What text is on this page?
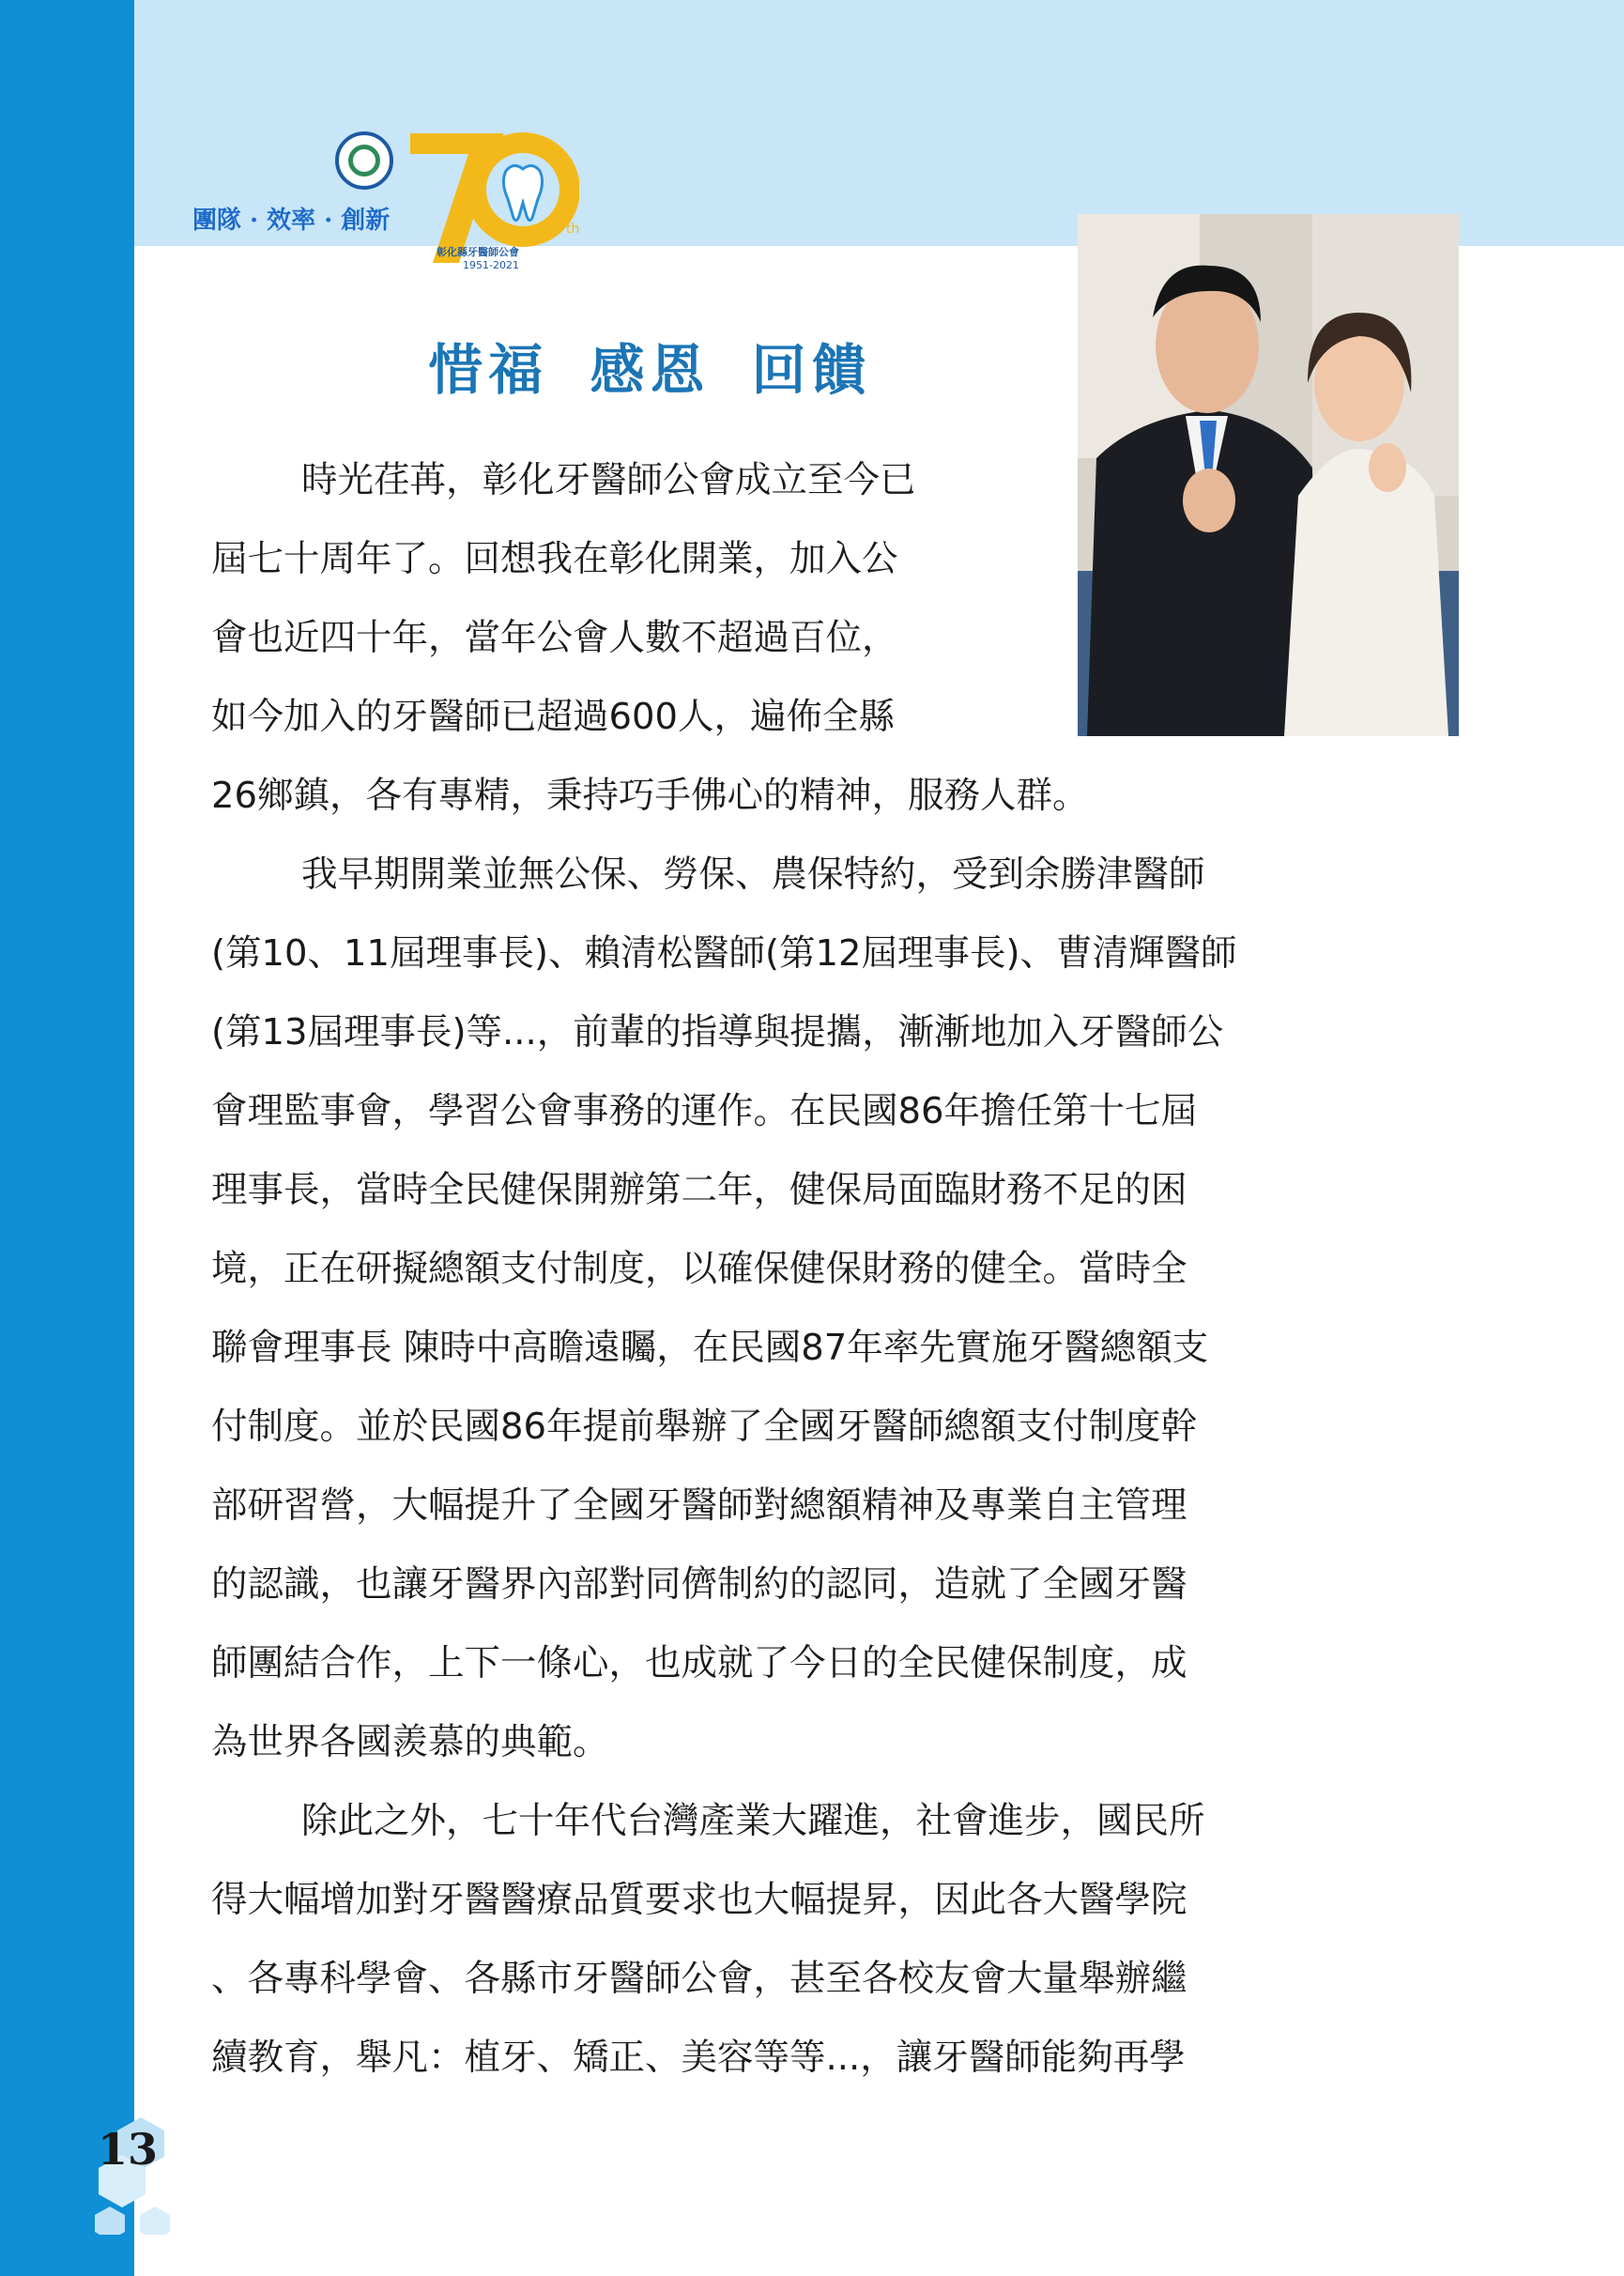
團隊 · 效率 · 創新	th
彰化縣牙醫師公會
1951-2021
惜福 感恩 回饋
時光荏苒，彰化牙醫師公會成立至今已
屆七十周年了。回想我在彰化開業，加入公
會也近四十年，當年公會人數不超過百位，
如今加入的牙醫師已超過600人，遍佈全縣
26鄉鎮，各有專精，秉持巧手佛心的精神，服務人群。
我早期開業並無公保、勞保、農保特約，受到余勝津醫師
(第10、11屆理事長)、賴清松醫師(第12屆理事長)、曹清輝醫師
(第13屆理事長)等...，前輩的指導與提攜，漸漸地加入牙醫師公
會理監事會，學習公會事務的運作。在民國86年擔任第十七屆
理事長，當時全民健保開辦第二年，健保局面臨財務不足的困
境，正在研擬總額支付制度，以確保健保財務的健全。當時全
聯會理事長 陳時中高瞻遠矚，在民國87年率先實施牙醫總額支
付制度。並於民國86年提前舉辦了全國牙醫師總額支付制度幹
部研習營，大幅提升了全國牙醫師對總額精神及專業自主管理
的認識，也讓牙醫界內部對同儕制約的認同，造就了全國牙醫
師團結合作，上下一條心，也成就了今日的全民健保制度，成
為世界各國羨慕的典範。
除此之外，七十年代台灣產業大躍進，社會進步，國民所
得大幅增加對牙醫醫療品質要求也大幅提昇，因此各大醫學院
、各專科學會、各縣市牙醫師公會，甚至各校友會大量舉辦繼
續教育，舉凡：植牙、矯正、美容等等...，讓牙醫師能夠再學
13
